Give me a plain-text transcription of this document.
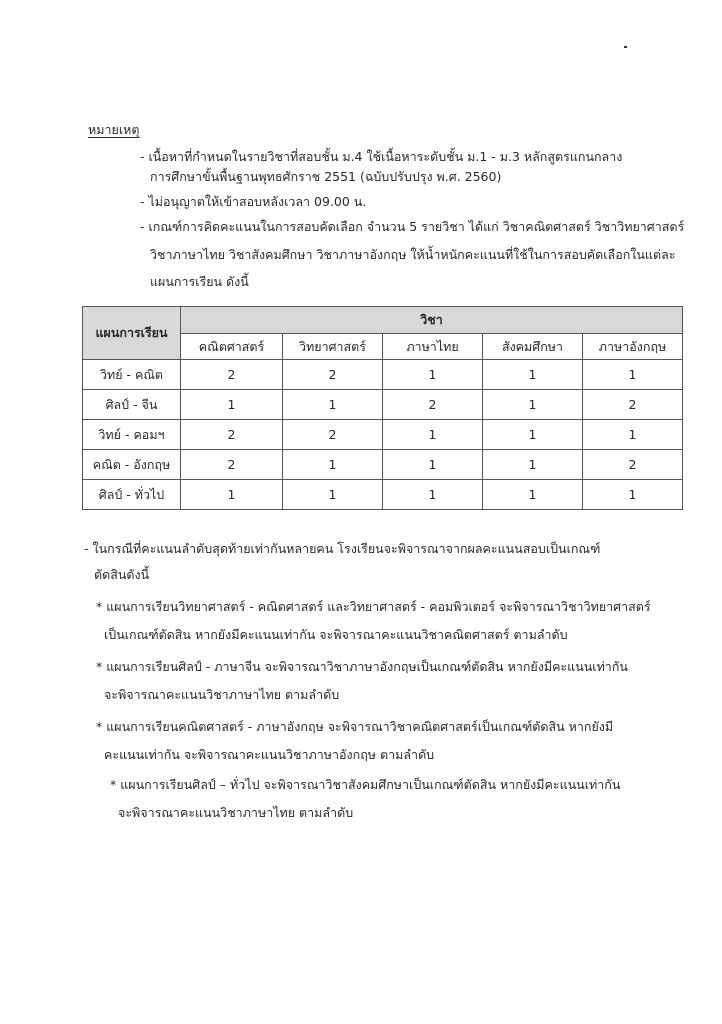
หมายเหตุ
- เนื้อหาที่กำหนดในรายวิชาที่สอบชั้น ม.4 ใช้เนื้อหาระดับชั้น ม.1 - ม.3 หลักสูตรแกนกลาง
การศึกษาขั้นพื้นฐานพุทธศักราช 2551 (ฉบับปรับปรุง พ.ศ. 2560)
- ไม่อนุญาตให้เข้าสอบหลังเวลา 09.00 น.
- เกณฑ์การคิดคะแนนในการสอบคัดเลือก จำนวน 5 รายวิชา ได้แก่ วิชาคณิตศาสตร์ วิชาวิทยาศาสตร์
วิชาภาษาไทย วิชาสังคมศึกษา วิชาภาษาอังกฤษ ให้น้ำหนักคะแนนที่ใช้ในการสอบคัดเลือกในแต่ละ
แผนการเรียน ดังนี้
แผนการเรียน	วิชา				
	คณิตศาสตร์	วิทยาศาสตร์	ภาษาไทย	สังคมศึกษา	ภาษาอังกฤษ
วิทย์ - คณิต	2	2	1	1	1
ศิลป์ - จีน	1	1	2	1	2
วิทย์ - คอมฯ	2	2	1	1	1
คณิต - อังกฤษ	2	1	1	1	2
ศิลป์ - ทั่วไป	1	1	1	1	1
- ในกรณีที่คะแนนลำดับสุดท้ายเท่ากันหลายคน โรงเรียนจะพิจารณาจากผลคะแนนสอบเป็นเกณฑ์
ตัดสินดังนี้
* แผนการเรียนวิทยาศาสตร์ - คณิตศาสตร์ และวิทยาศาสตร์ - คอมพิวเตอร์ จะพิจารณาวิชาวิทยาศาสตร์
เป็นเกณฑ์ตัดสิน หากยังมีคะแนนเท่ากัน จะพิจารณาคะแนนวิชาคณิตศาสตร์ ตามลำดับ
* แผนการเรียนศิลป์ - ภาษาจีน จะพิจารณาวิชาภาษาอังกฤษเป็นเกณฑ์ตัดสิน หากยังมีคะแนนเท่ากัน
จะพิจารณาคะแนนวิชาภาษาไทย ตามลำดับ
* แผนการเรียนคณิตศาสตร์ - ภาษาอังกฤษ จะพิจารณาวิชาคณิตศาสตร์เป็นเกณฑ์ตัดสิน หากยังมี
คะแนนเท่ากัน จะพิจารณาคะแนนวิชาภาษาอังกฤษ ตามลำดับ
* แผนการเรียนศิลป์ – ทั่วไป จะพิจารณาวิชาสังคมศึกษาเป็นเกณฑ์ตัดสิน หากยังมีคะแนนเท่ากัน
จะพิจารณาคะแนนวิชาภาษาไทย ตามลำดับ
